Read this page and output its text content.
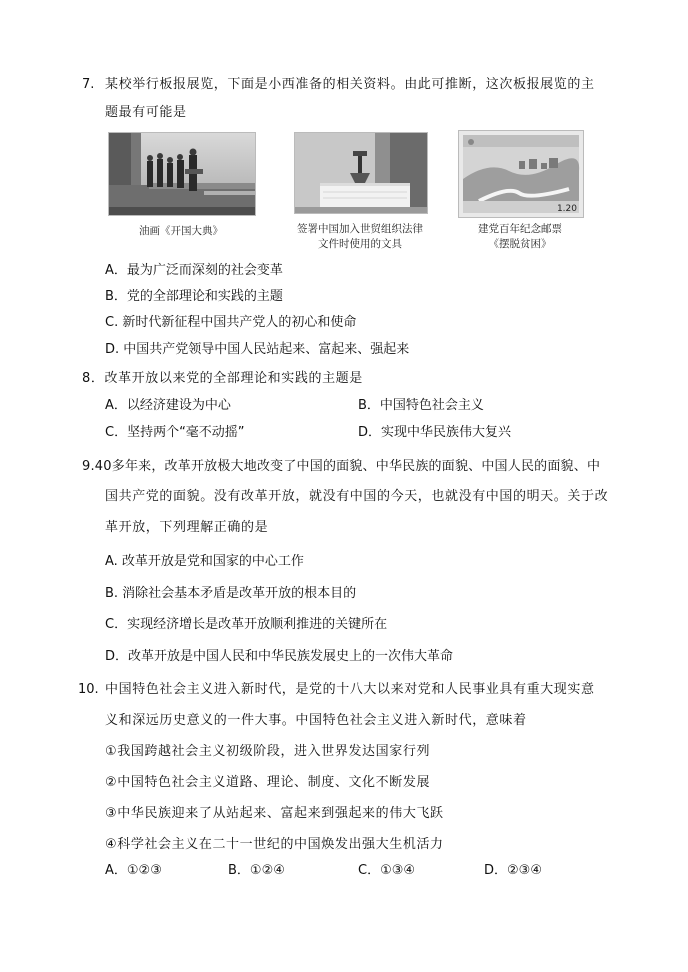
7. 某校举行板报展览，下面是小西准备的相关资料。由此可推断，这次板报展览的主
题最有可能是
油画《开国大典》	签署中国加入世贸组织法律
文件时使用的文具
1.20
建党百年纪念邮票
《摆脱贫困》
A．最为广泛而深刻的社会变革
B．党的全部理论和实践的主题
C. 新时代新征程中国共产党人的初心和使命
D. 中国共产党领导中国人民站起来、富起来、强起来
8．改革开放以来党的全部理论和实践的主题是
A．以经济建设为中心	B．中国特色社会主义
C．坚持两个“毫不动摇”	D．实现中华民族伟大复兴
9.40多年来，改革开放极大地改变了中国的面貌、中华民族的面貌、中国人民的面貌、中
国共产党的面貌。没有改革开放，就没有中国的今天，也就没有中国的明天。关于改
革开放，下列理解正确的是
A. 改革开放是党和国家的中心工作
B. 消除社会基本矛盾是改革开放的根本目的
C．实现经济增长是改革开放顺利推进的关键所在
D．改革开放是中国人民和中华民族发展史上的一次伟大革命
10. 中国特色社会主义进入新时代，是党的十八大以来对党和人民事业具有重大现实意
义和深远历史意义的一件大事。中国特色社会主义进入新时代，意味着
①我国跨越社会主义初级阶段，进入世界发达国家行列
②中国特色社会主义道路、理论、制度、文化不断发展
③中华民族迎来了从站起来、富起来到强起来的伟大飞跃
④科学社会主义在二十一世纪的中国焕发出强大生机活力
A．①②③	B．①②④	C．①③④	D．②③④
